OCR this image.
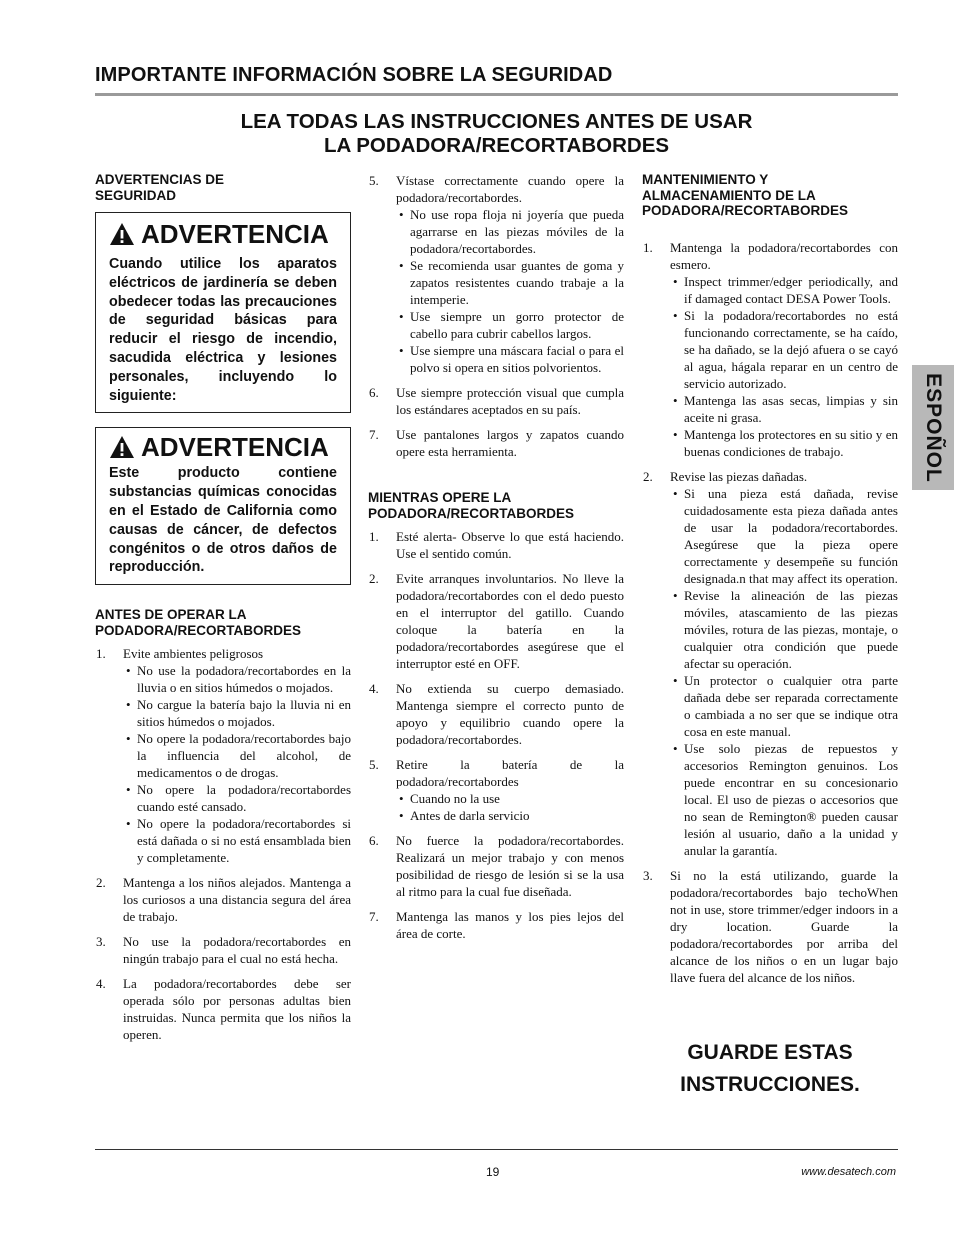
IMPORTANTE INFORMACIÓN SOBRE LA SEGURIDAD
LEA TODAS LAS INSTRUCCIONES ANTES DE USAR
LA PODADORA/RECORTABORDES
ADVERTENCIAS DE
SEGURIDAD
ADVERTENCIA
Cuando utilice los aparatos eléctricos de jardinería se deben obedecer todas las precauciones de seguridad básicas para reducir el riesgo de incendio, sacudida eléctrica y lesiones personales, incluyendo lo siguiente:
ADVERTENCIA
Este producto contiene substancias químicas conocidas en el Estado de California como causas de cáncer, de defectos congénitos o de otros daños de reproducción.
ANTES DE OPERAR LA
PODADORA/RECORTABORDES
1. Evite ambientes peligrosos
• No use la podadora/recortabordes en la lluvia o en sitios húmedos o mojados.
• No cargue la batería bajo la lluvia ni en sitios húmedos o mojados.
• No opere la podadora/recortabordes bajo la influencia del alcohol, de medicamentos o de drogas.
• No opere la podadora/recortabordes cuando esté cansado.
• No opere la podadora/recortabordes si está dañada o si no está ensamblada bien y completamente.
2. Mantenga a los niños alejados. Mantenga a los curiosos a una distancia segura del área de trabajo.
3. No use la podadora/recortabordes en ningún trabajo para el cual no está hecha.
4. La podadora/recortabordes debe ser operada sólo por personas adultas bien instruidas. Nunca permita que los niños la operen.
5. Vístase correctamente cuando opere la podadora/recortabordes.
• No use ropa floja ni joyería que pueda agarrarse en las piezas móviles de la podadora/recortabordes.
• Se recomienda usar guantes de goma y zapatos resistentes cuando trabaje a la intemperie.
• Use siempre un gorro protector de cabello para cubrir cabellos largos.
• Use siempre una máscara facial o para el polvo si opera en sitios polvorientos.
6. Use siempre protección visual que cumpla los estándares aceptados en su país.
7. Use pantalones largos y zapatos cuando opere esta herramienta.
MIENTRAS OPERE LA
PODADORA/RECORTABORDES
1. Esté alerta- Observe lo que está haciendo. Use el sentido común.
2. Evite arranques involuntarios. No lleve la podadora/recortabordes con el dedo puesto en el interruptor del gatillo. Cuando coloque la batería en la podadora/recortabordes asegúrese que el interruptor esté en OFF.
4. No extienda su cuerpo demasiado. Mantenga siempre el correcto punto de apoyo y equilibrio cuando opere la podadora/recortabordes.
5. Retire la batería de la podadora/recortabordes
• Cuando no la use
• Antes de darla servicio
6. No fuerce la podadora/recortabordes. Realizará un mejor trabajo y con menos posibilidad de riesgo de lesión si se la usa al ritmo para la cual fue diseñada.
7. Mantenga las manos y los pies lejos del área de corte.
MANTENIMIENTO Y
ALMACENAMIENTO DE LA
PODADORA/RECORTABORDES
1. Mantenga la podadora/recortabordes con esmero.
• Inspect trimmer/edger periodically, and if damaged contact DESA Power Tools.
• Si la podadora/recortabordes no está funcionando correctamente, se ha caído, se ha dañado, se la dejó afuera o se cayó al agua, hágala reparar en un centro de servicio autorizado.
• Mantenga las asas secas, limpias y sin aceite ni grasa.
• Mantenga los protectores en su sitio y en buenas condiciones de trabajo.
2. Revise las piezas dañadas.
• Si una pieza está dañada, revise cuidadosamente esta pieza dañada antes de usar la podadora/recortabordes. Asegúrese que la pieza opere correctamente y desempeñe su función designada.n that may affect its operation.
• Revise la alineación de las piezas móviles, atascamiento de las piezas móviles, rotura de las piezas, montaje, o cualquier otra condición que puede afectar su operación.
• Un protector o cualquier otra parte dañada debe ser reparada correctamente o cambiada a no ser que se indique otra cosa en este manual.
• Use solo piezas de repuestos y accesorios Remington genuinos. Los puede encontrar en su concesionario local. El uso de piezas o accesorios que no sean de Remington® pueden causar lesión al usuario, daño a la unidad y anular la garantía.
3. Si no la está utilizando, guarde la podadora/recortabordes bajo techoWhen not in use, store trimmer/edger indoors in a dry location. Guarde la podadora/recortabordes por arriba del alcance de los niños o en un lugar bajo llave fuera del alcance de los niños.
GUARDE ESTAS
INSTRUCCIONES.
ESPOÑOL
19	www.desatech.com
